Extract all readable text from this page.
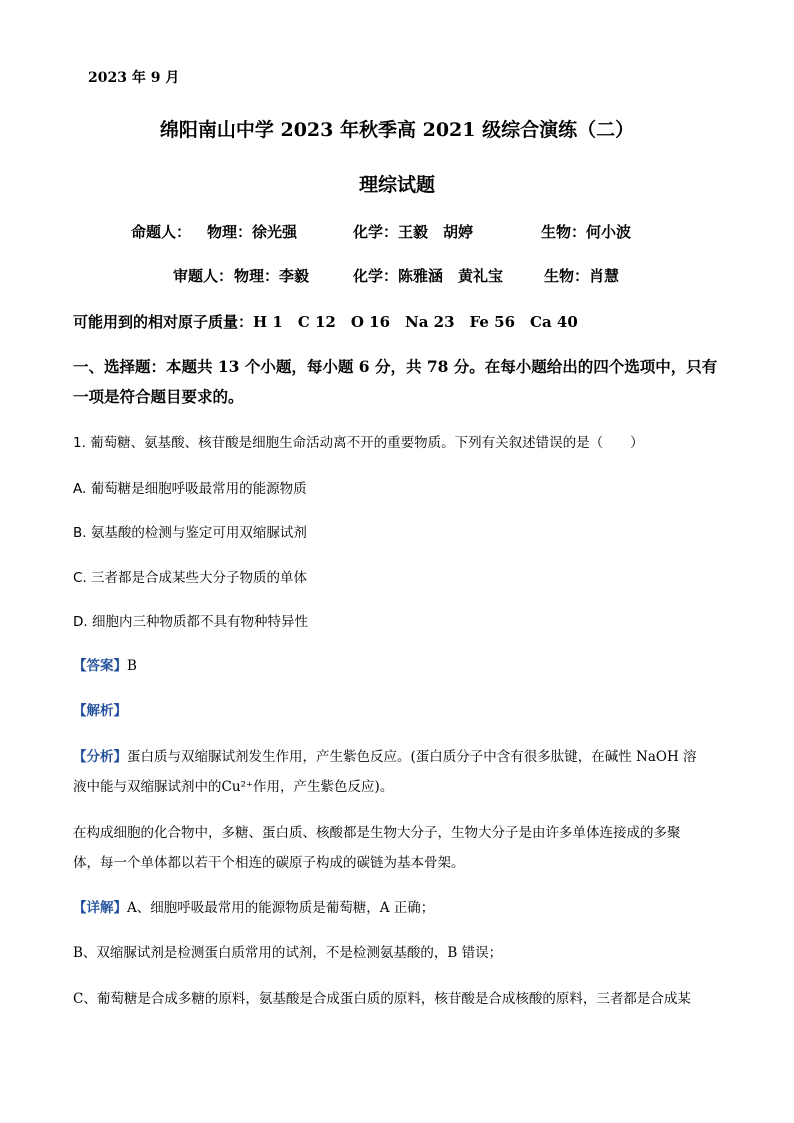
2023 年 9 月
绵阳南山中学 2023 年秋季高 2021 级综合演练（二）
理综试题
命题人： 物理：徐光强	化学：王毅　胡婷	生物：何小波
审题人： 物理：李毅	化学：陈雅涵　黄礼宝	生物：肖慧
可能用到的相对原子质量：H 1　C 12　O 16　Na 23　Fe 56　Ca 40
一、选择题：本题共 13 个小题，每小题 6 分，共 78 分。在每小题给出的四个选项中，只有
一项是符合题目要求的。
1. 葡萄糖、氨基酸、核苷酸是细胞生命活动离不开的重要物质。下列有关叙述错误的是（　　）
A. 葡萄糖是细胞呼吸最常用的能源物质
B. 氨基酸的检测与鉴定可用双缩脲试剂
C. 三者都是合成某些大分子物质的单体
D. 细胞内三种物质都不具有物种特异性
【答案】B
【解析】
【分析】蛋白质与双缩脲试剂发生作用，产生紫色反应。(蛋白质分子中含有很多肽键，在碱性 NaOH 溶
液中能与双缩脲试剂中的Cu²⁺作用，产生紫色反应)。
在构成细胞的化合物中，多糖、蛋白质、核酸都是生物大分子，生物大分子是由许多单体连接成的多聚
体，每一个单体都以若干个相连的碳原子构成的碳链为基本骨架。
【详解】A、细胞呼吸最常用的能源物质是葡萄糖，A 正确；
B、双缩脲试剂是检测蛋白质常用的试剂，不是检测氨基酸的，B 错误；
C、葡萄糖是合成多糖的原料，氨基酸是合成蛋白质的原料，核苷酸是合成核酸的原料，三者都是合成某
